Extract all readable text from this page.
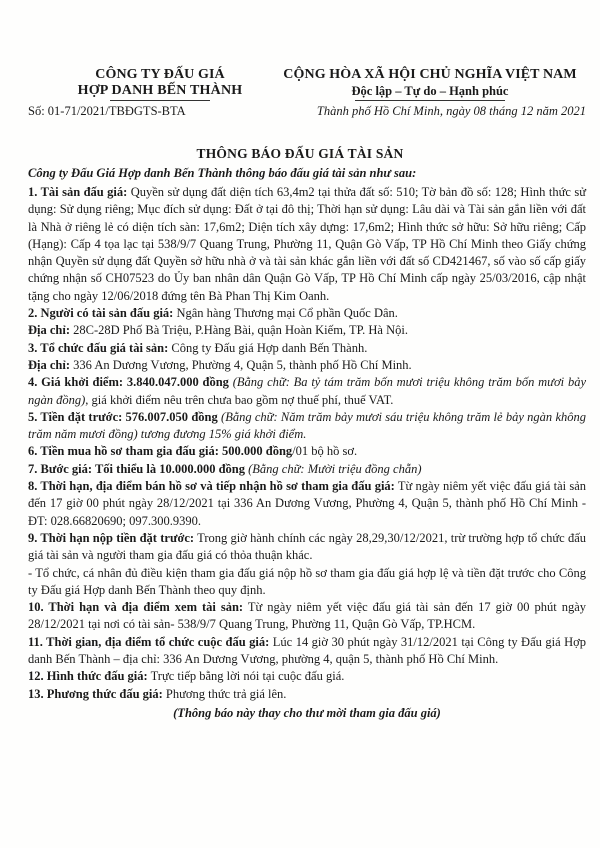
CÔNG TY ĐẤU GIÁ
HỢP DANH BẾN THÀNH
CỘNG HÒA XÃ HỘI CHỦ NGHĨA VIỆT NAM
Độc lập – Tự do – Hạnh phúc
Số: 01-71/2021/TBĐGTS-BTA	Thành phố Hồ Chí Minh, ngày 08 tháng 12 năm 2021
THÔNG BÁO ĐẤU GIÁ TÀI SẢN
Công ty Đấu Giá Hợp danh Bến Thành thông báo đấu giá tài sản như sau:

1. Tài sản đấu giá: Quyền sử dụng đất diện tích 63,4m2 tại thửa đất số: 510; Tờ bản đồ số: 128; Hình thức sử dụng: Sử dụng riêng; Mục đích sử dụng: Đất ở tại đô thị; Thời hạn sử dụng: Lâu dài và Tài sản gắn liền với đất là Nhà ở riêng lẻ có diện tích sàn: 17,6m2; Diện tích xây dựng: 17,6m2; Hình thức sở hữu: Sở hữu riêng; Cấp (Hạng): Cấp 4 tọa lạc tại 538/9/7 Quang Trung, Phường 11, Quận Gò Vấp, TP Hồ Chí Minh theo Giấy chứng nhận Quyền sử dụng đất Quyền sở hữu nhà ở và tài sản khác gắn liền với đất số CD421467, số vào số cấp giấy chứng nhận số CH07523 do Ủy ban nhân dân Quận Gò Vấp, TP Hồ Chí Minh cấp ngày 25/03/2016, cập nhật tặng cho ngày 12/06/2018 đứng tên Bà Phan Thị Kim Oanh.

2. Người có tài sản đấu giá: Ngân hàng Thương mại Cổ phần Quốc Dân.

Địa chỉ: 28C-28D Phố Bà Triệu, P.Hàng Bài, quận Hoàn Kiếm, TP. Hà Nội.

3. Tổ chức đấu giá tài sản: Công ty Đấu giá Hợp danh Bến Thành.

Địa chỉ: 336 An Dương Vương, Phường 4, Quận 5, thành phố Hồ Chí Minh.

4. Giá khởi điểm: 3.840.047.000 đồng (Bằng chữ: Ba tỷ tám trăm bốn mươi triệu không trăm bốn mươi bảy ngàn đồng), giá khởi điểm nêu trên chưa bao gồm nợ thuế phí, thuế VAT.

5. Tiền đặt trước: 576.007.050 đồng (Bằng chữ: Năm trăm bảy mươi sáu triệu không trăm lẻ bảy ngàn không trăm năm mươi đồng) tương đương 15% giá khởi điểm.

6. Tiền mua hồ sơ tham gia đấu giá: 500.000 đồng/01 bộ hồ sơ.

7. Bước giá: Tối thiểu là 10.000.000 đồng (Bằng chữ: Mười triệu đồng chẵn)

8. Thời hạn, địa điểm bán hồ sơ và tiếp nhận hồ sơ tham gia đấu giá: Từ ngày niêm yết việc đấu giá tài sản đến 17 giờ 00 phút ngày 28/12/2021 tại 336 An Dương Vương, Phường 4, Quận 5, thành phố Hồ Chí Minh - ĐT: 028.66820690; 097.300.9390.

9. Thời hạn nộp tiền đặt trước: Trong giờ hành chính các ngày 28,29,30/12/2021, trừ trường hợp tổ chức đấu giá tài sản và người tham gia đấu giá có thỏa thuận khác.

- Tổ chức, cá nhân đủ điều kiện tham gia đấu giá nộp hồ sơ tham gia đấu giá hợp lệ và tiền đặt trước cho Công ty Đấu giá Hợp danh Bến Thành theo quy định.

10. Thời hạn và địa điểm xem tài sản: Từ ngày niêm yết việc đấu giá tài sản đến 17 giờ 00 phút ngày 28/12/2021 tại nơi có tài sản- 538/9/7 Quang Trung, Phường 11, Quận Gò Vấp, TP.HCM.

11. Thời gian, địa điểm tổ chức cuộc đấu giá: Lúc 14 giờ 30 phút ngày 31/12/2021 tại Công ty Đấu giá Hợp danh Bến Thành – địa chỉ: 336 An Dương Vương, phường 4, quận 5, thành phố Hồ Chí Minh.

12. Hình thức đấu giá: Trực tiếp bằng lời nói tại cuộc đấu giá.

13. Phương thức đấu giá: Phương thức trả giá lên.

(Thông báo này thay cho thư mời tham gia đấu giá)
